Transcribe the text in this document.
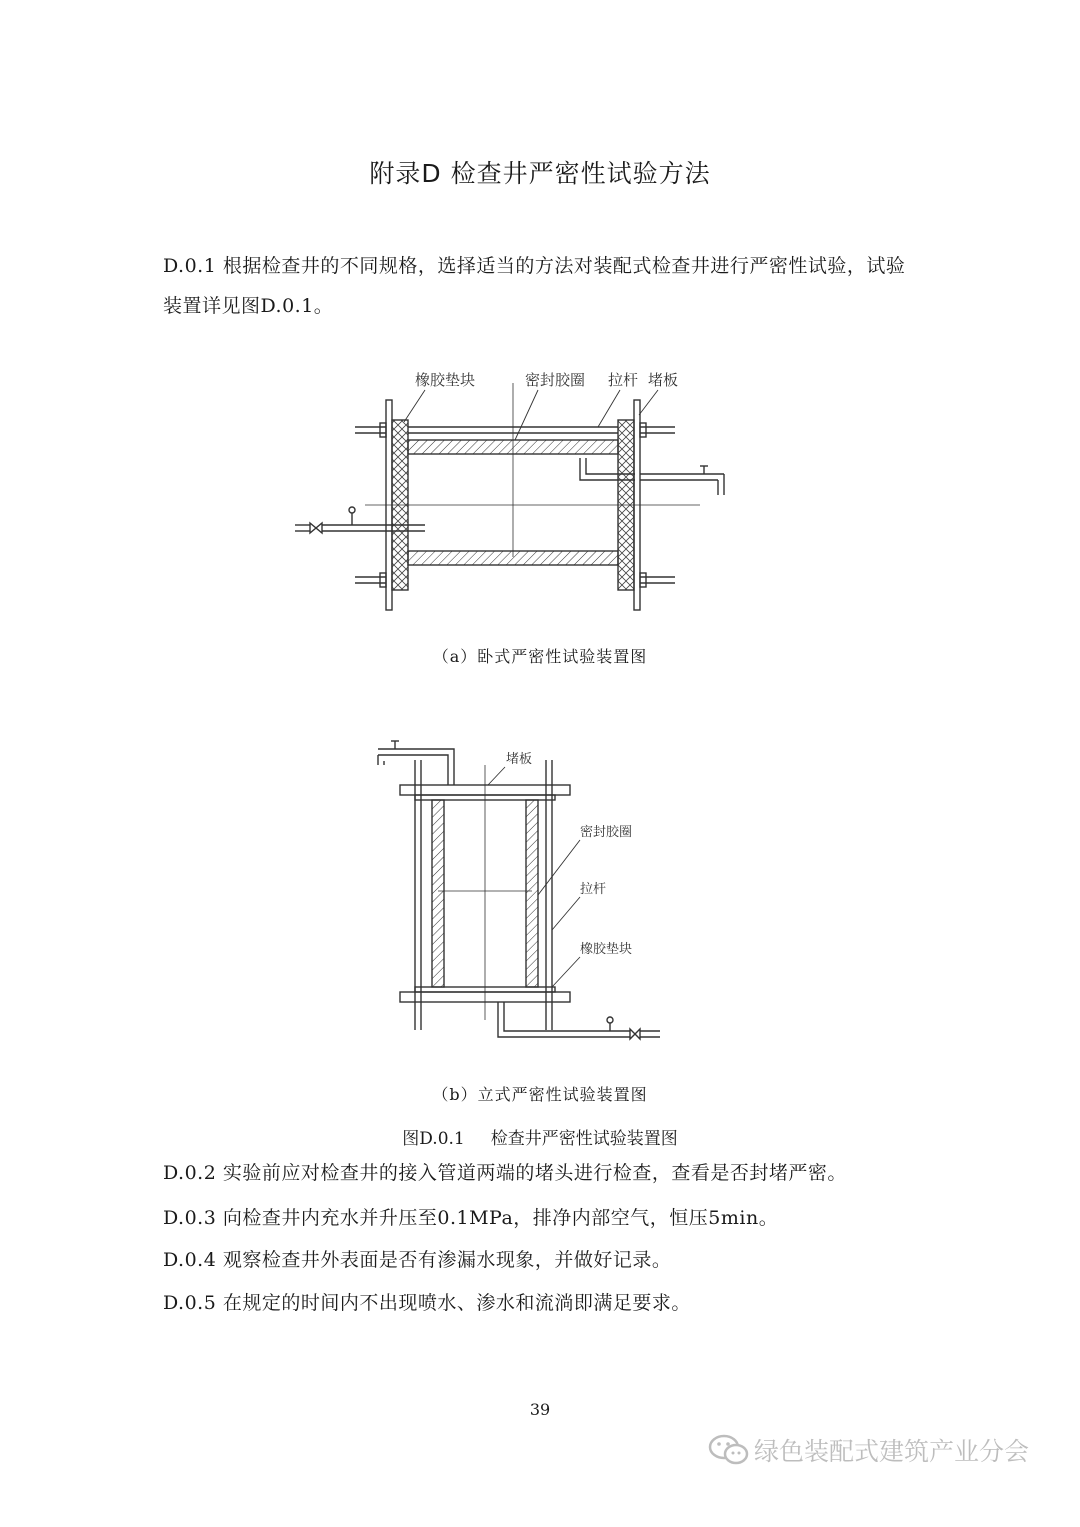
附录D 检查井严密性试验方法
D.0.1 根据检查井的不同规格，选择适当的方法对装配式检查井进行严密性试验，试验装置详见图D.0.1。
橡胶垫块	密封胶圈 拉杆 堵板
（a）卧式严密性试验装置图
堵板
密封胶圈
拉杆
橡胶垫块
（b）立式严密性试验装置图
图D.0.1 检查井严密性试验装置图
D.0.2 实验前应对检查井的接入管道两端的堵头进行检查，查看是否封堵严密。
D.0.3 向检查井内充水并升压至0.1MPa，排净内部空气，恒压5min。
D.0.4 观察检查井外表面是否有渗漏水现象，并做好记录。
D.0.5 在规定的时间内不出现喷水、渗水和流淌即满足要求。
39
绿色装配式建筑产业分会
